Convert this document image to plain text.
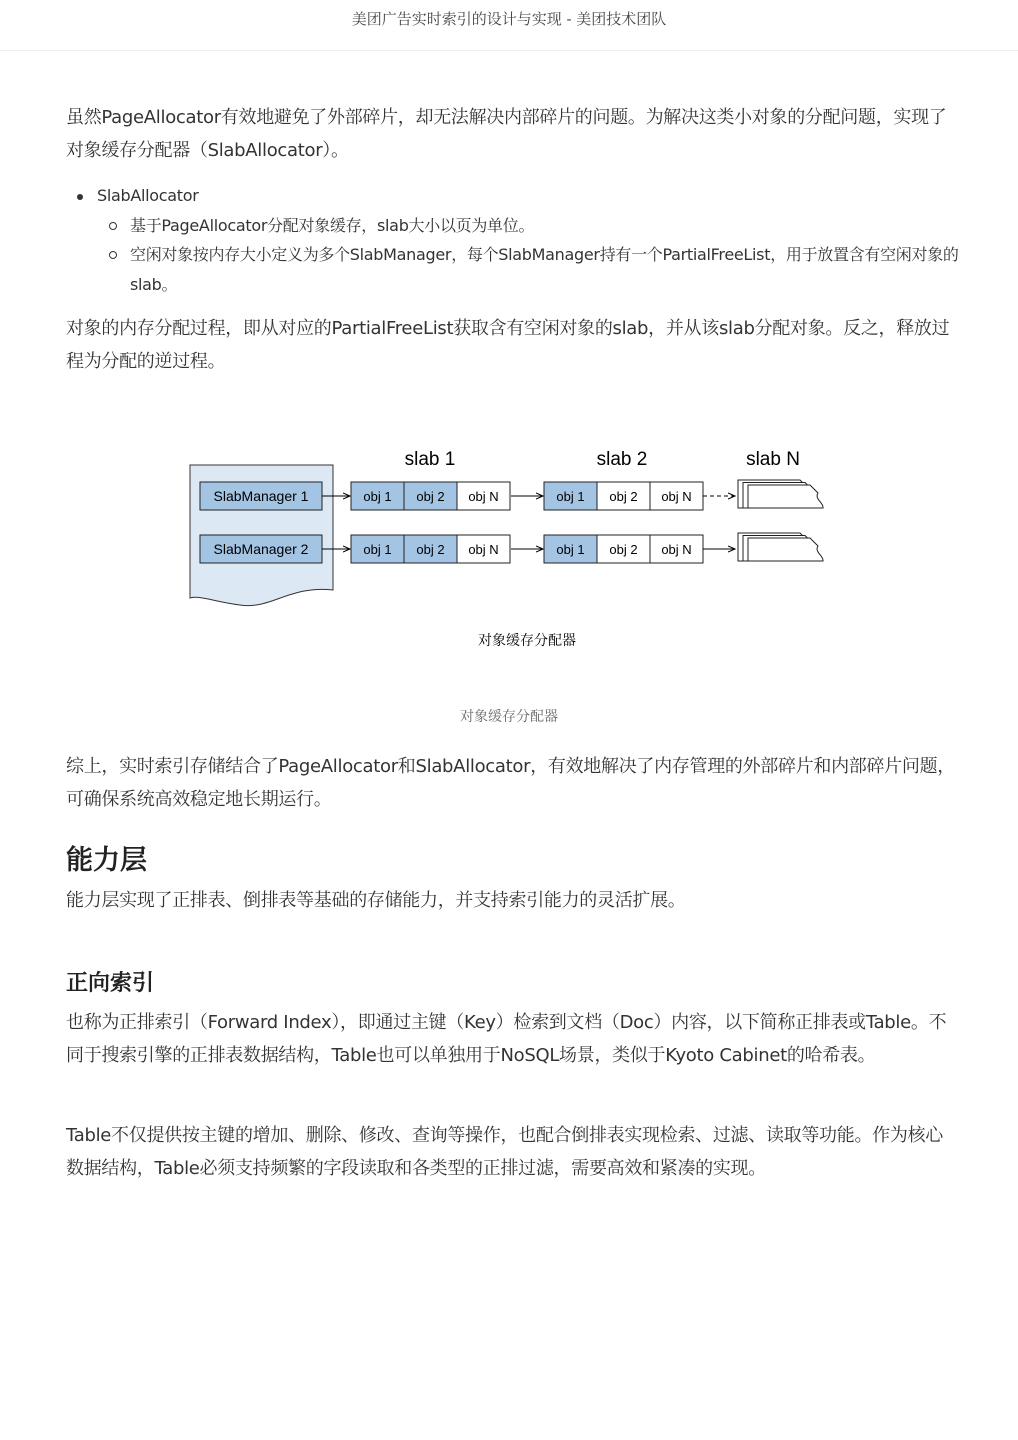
美团广告实时索引的设计与实现 - 美团技术团队
虽然PageAllocator有效地避免了外部碎片，却无法解决内部碎片的问题。为解决这类小对象的分配问题，实现了对象缓存分配器（SlabAllocator）。
SlabAllocator
基于PageAllocator分配对象缓存，slab大小以页为单位。
空闲对象按内存大小定义为多个SlabManager，每个SlabManager持有一个PartialFreeList，用于放置含有空闲对象的slab。
对象的内存分配过程，即从对应的PartialFreeList获取含有空闲对象的slab，并从该slab分配对象。反之，释放过程为分配的逆过程。
SlabManager 1
SlabManager 2
slab 1	slab 2	slab N
obj 1 obj 2 obj N	obj 1 obj 2 obj N
obj 1 obj 2 obj N	obj 1 obj 2 obj N
对象缓存分配器
对象缓存分配器
综上，实时索引存储结合了PageAllocator和SlabAllocator，有效地解决了内存管理的外部碎片和内部碎片问题，可确保系统高效稳定地长期运行。
能力层
能力层实现了正排表、倒排表等基础的存储能力，并支持索引能力的灵活扩展。
正向索引
也称为正排索引（Forward Index），即通过主键（Key）检索到文档（Doc）内容，以下简称正排表或Table。不同于搜索引擎的正排表数据结构，Table也可以单独用于NoSQL场景，类似于Kyoto Cabinet的哈希表。
Table不仅提供按主键的增加、删除、修改、查询等操作，也配合倒排表实现检索、过滤、读取等功能。作为核心数据结构，Table必须支持频繁的字段读取和各类型的正排过滤，需要高效和紧凑的实现。
